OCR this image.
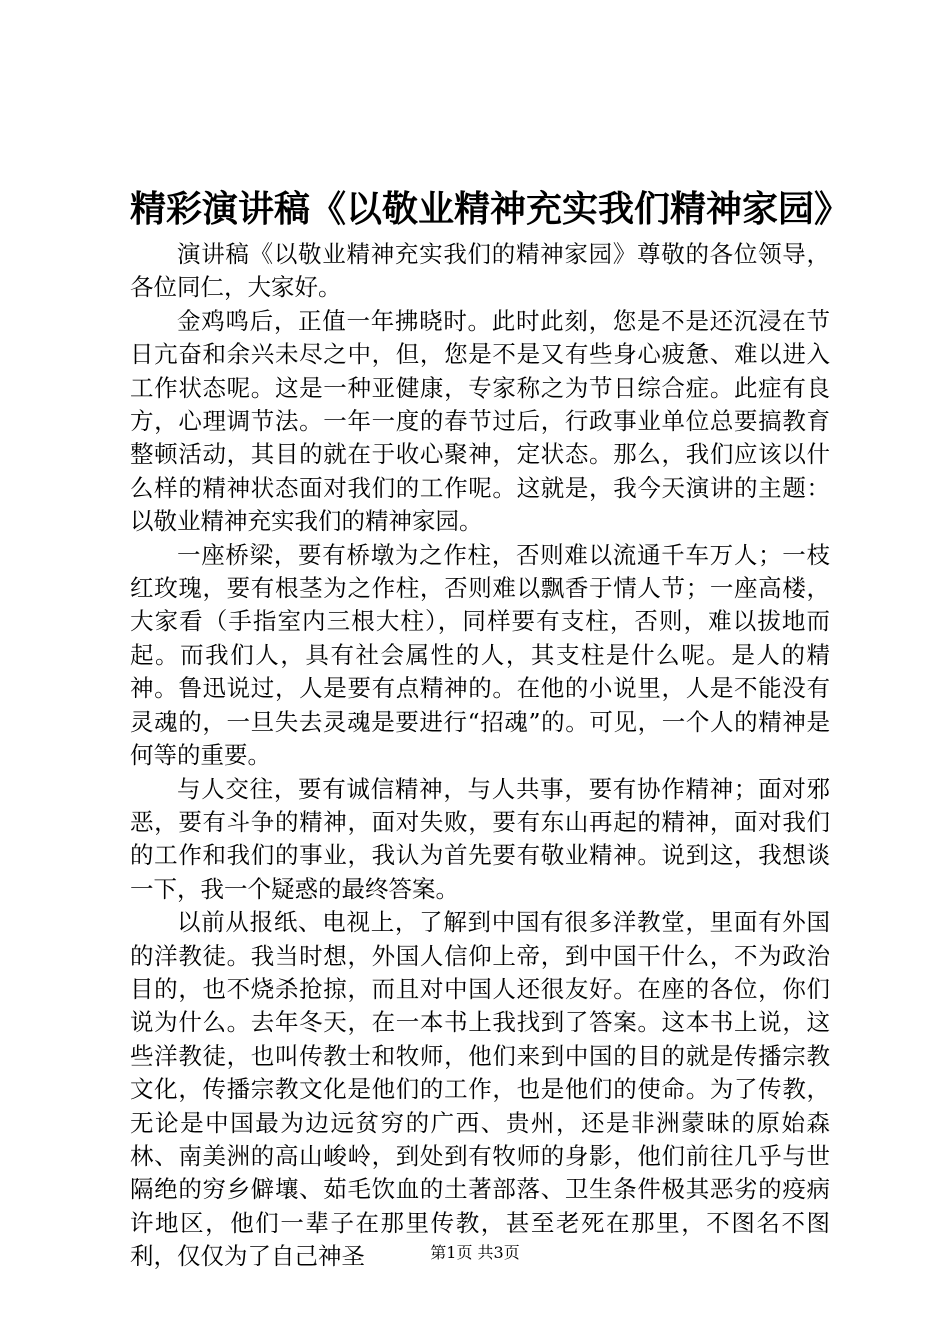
精彩演讲稿《以敬业精神充实我们精神家园》

演讲稿《以敬业精神充实我们的精神家园》尊敬的各位领导，各位同仁，大家好。

金鸡鸣后，正值一年拂晓时。此时此刻，您是不是还沉浸在节日亢奋和余兴未尽之中，但，您是不是又有些身心疲惫、难以进入工作状态呢。这是一种亚健康，专家称之为节日综合症。此症有良方，心理调节法。一年一度的春节过后，行政事业单位总要搞教育整顿活动，其目的就在于收心聚神，定状态。那么，我们应该以什么样的精神状态面对我们的工作呢。这就是，我今天演讲的主题：以敬业精神充实我们的精神家园。

一座桥梁，要有桥墩为之作柱，否则难以流通千车万人；一枝红玫瑰，要有根茎为之作柱，否则难以飘香于情人节；一座高楼，大家看（手指室内三根大柱），同样要有支柱，否则，难以拔地而起。而我们人，具有社会属性的人，其支柱是什么呢。是人的精神。鲁迅说过，人是要有点精神的。在他的小说里，人是不能没有灵魂的，一旦失去灵魂是要进行“招魂”的。可见，一个人的精神是何等的重要。

与人交往，要有诚信精神，与人共事，要有协作精神；面对邪恶，要有斗争的精神，面对失败，要有东山再起的精神，面对我们的工作和我们的事业，我认为首先要有敬业精神。说到这，我想谈一下，我一个疑惑的最终答案。

以前从报纸、电视上，了解到中国有很多洋教堂，里面有外国的洋教徒。我当时想，外国人信仰上帝，到中国干什么，不为政治目的，也不烧杀抢掠，而且对中国人还很友好。在座的各位，你们说为什么。去年冬天，在一本书上我找到了答案。这本书上说，这些洋教徒，也叫传教士和牧师，他们来到中国的目的就是传播宗教文化，传播宗教文化是他们的工作，也是他们的使命。为了传教，无论是中国最为边远贫穷的广西、贵州，还是非洲蒙昧的原始森林、南美洲的高山峻岭，到处到有牧师的身影，他们前往几乎与世隔绝的穷乡僻壤、茹毛饮血的土著部落、卫生条件极其恶劣的疫病许地区，他们一辈子在那里传教，甚至老死在那里，不图名不图利，仅仅为了自己神圣	第1页 共3页
